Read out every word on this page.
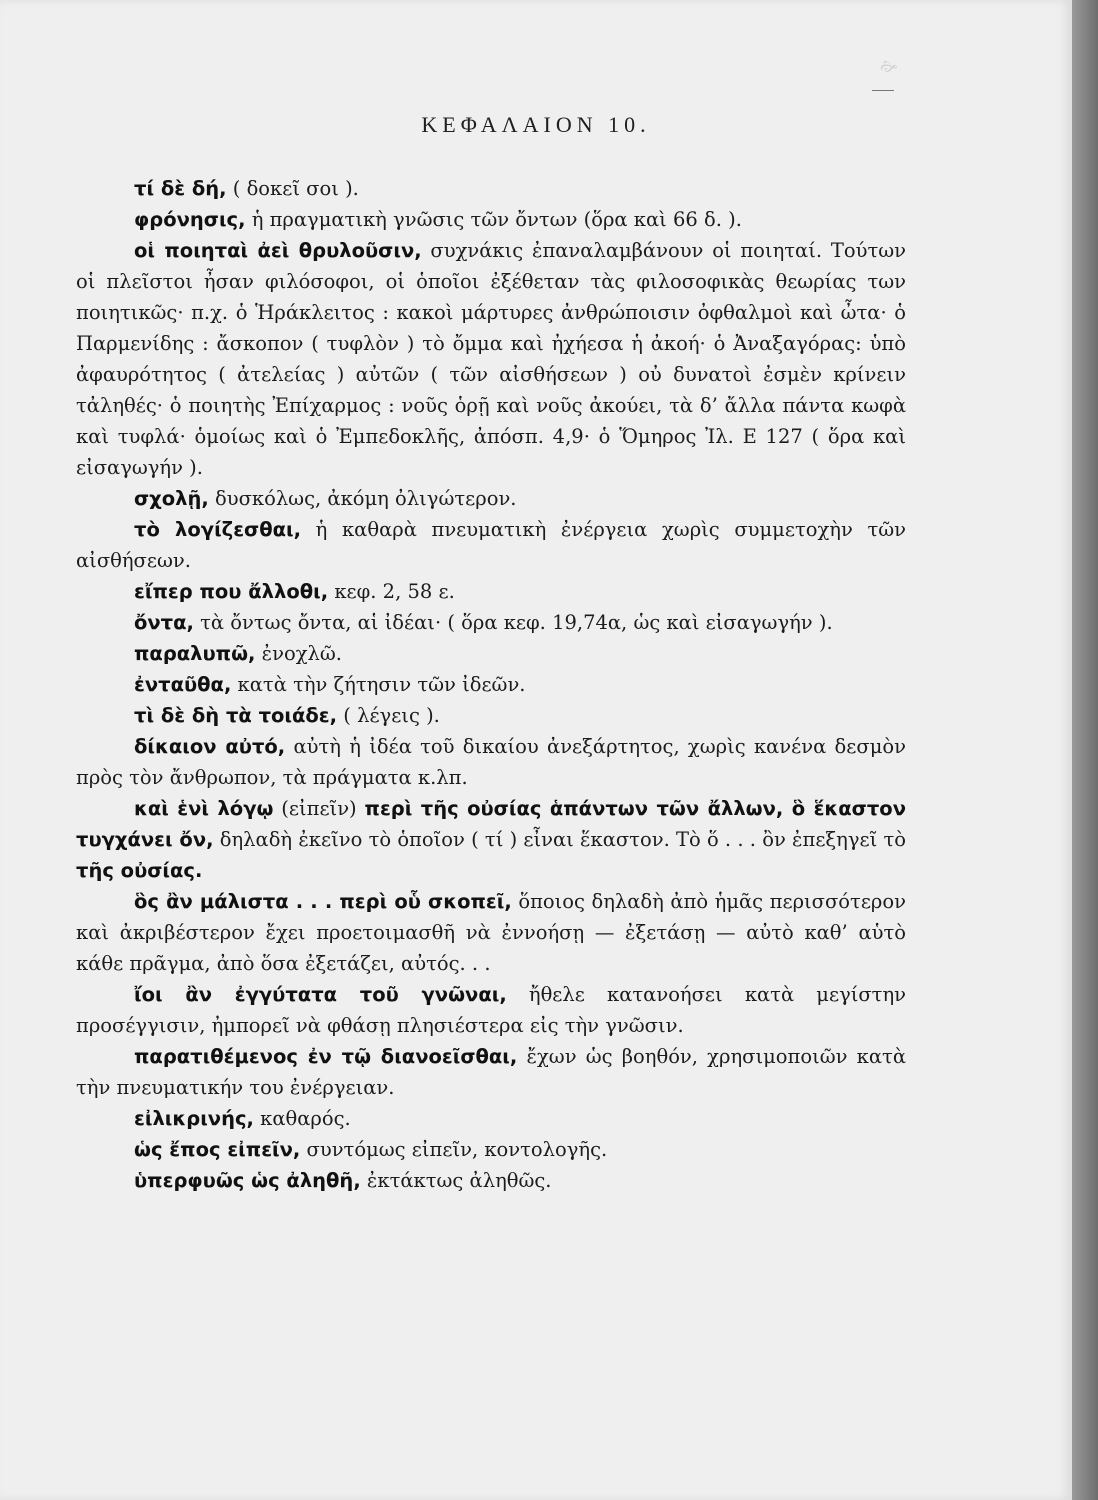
🙚
ΚΕΦΑΛΑΙΟΝ 10.

τί δὲ δή, ( δοκεῖ σοι ).

φρόνησις, ἡ πραγματικὴ γνῶσις τῶν ὄντων (ὅρα καὶ 66 δ. ).

οἱ ποιηταὶ ἀεὶ θρυλοῦσιν, συχνάκις ἐπαναλαμβάνουν οἱ ποιηταί. Τούτων οἱ πλεῖστοι ἦσαν φιλόσοφοι, οἱ ὁποῖοι ἐξέθεταν τὰς φιλοσοφικὰς θεωρίας των ποιητικῶς· π.χ. ὁ Ἡράκλειτος : κακοὶ μάρτυρες ἀνθρώποισιν ὀφθαλμοὶ καὶ ὦτα· ὁ Παρμενίδης : ἄσκοπον ( τυφλὸν ) τὸ ὄμμα καὶ ἠχήεσα ἡ ἀκοή· ὁ Ἀναξαγόρας: ὑπὸ ἀφαυρότητος ( ἀτελείας ) αὐτῶν ( τῶν αἰσθήσεων ) οὐ δυνατοὶ ἐσμὲν κρίνειν τἀληθές· ὁ ποιητὴς Ἐπίχαρμος : νοῦς ὁρῇ καὶ νοῦς ἀκούει, τὰ δ’ ἄλλα πάντα κωφὰ καὶ τυφλά· ὁμοίως καὶ ὁ Ἐμπεδοκλῆς, ἀπόσπ. 4,9· ὁ Ὅμηρος Ἰλ. Ε 127 ( ὅρα καὶ εἰσαγωγήν ).

σχολῇ, δυσκόλως, ἀκόμη ὀλιγώτερον.

τὸ λογίζεσθαι, ἡ καθαρὰ πνευματικὴ ἐνέργεια χωρὶς συμμετοχὴν τῶν αἰσθήσεων.

εἴπερ που ἄλλοθι, κεφ. 2, 58 ε.

ὄντα, τὰ ὄντως ὄντα, αἱ ἰδέαι· ( ὅρα κεφ. 19,74α, ὡς καὶ εἰσαγωγήν ).

παραλυπῶ, ἐνοχλῶ.

ἐνταῦθα, κατὰ τὴν ζήτησιν τῶν ἰδεῶν.

τὶ δὲ δὴ τὰ τοιάδε, ( λέγεις ).

δίκαιον αὐτό, αὐτὴ ἡ ἰδέα τοῦ δικαίου ἀνεξάρτητος, χωρὶς κανένα δεσμὸν πρὸς τὸν ἄνθρωπον, τὰ πράγματα κ.λπ.

καὶ ἑνὶ λόγῳ (εἰπεῖν) περὶ τῆς οὐσίας ἁπάντων τῶν ἄλλων, ὃ ἕκαστον τυγχάνει ὄν, δηλαδὴ ἐκεῖνο τὸ ὁποῖον ( τί ) εἶναι ἕκαστον. Τὸ ὅ . . . ὂν ἐπεξηγεῖ τὸ τῆς οὐσίας.

ὃς ἂν μάλιστα . . . περὶ οὗ σκοπεῖ, ὅποιος δηλαδὴ ἀπὸ ἡμᾶς περισσότερον καὶ ἀκριβέστερον ἔχει προετοιμασθῆ νὰ ἐννοήσῃ — ἐξετάσῃ — αὐτὸ καθ’ αὑτὸ κάθε πρᾶγμα, ἀπὸ ὅσα ἐξετάζει, αὐτός. . .

ἴοι ἂν ἐγγύτατα τοῦ γνῶναι, ἤθελε κατανοήσει κατὰ μεγίστην προσέγγισιν, ἠμπορεῖ νὰ φθάσῃ πλησιέστερα εἰς τὴν γνῶσιν.

παρατιθέμενος ἐν τῷ διανοεῖσθαι, ἔχων ὡς βοηθόν, χρησιμοποιῶν κατὰ τὴν πνευματικήν του ἐνέργειαν.

εἰλικρινής, καθαρός.

ὡς ἔπος εἰπεῖν, συντόμως εἰπεῖν, κοντολογῆς.

ὑπερφυῶς ὡς ἀληθῆ, ἐκτάκτως ἀληθῶς.
